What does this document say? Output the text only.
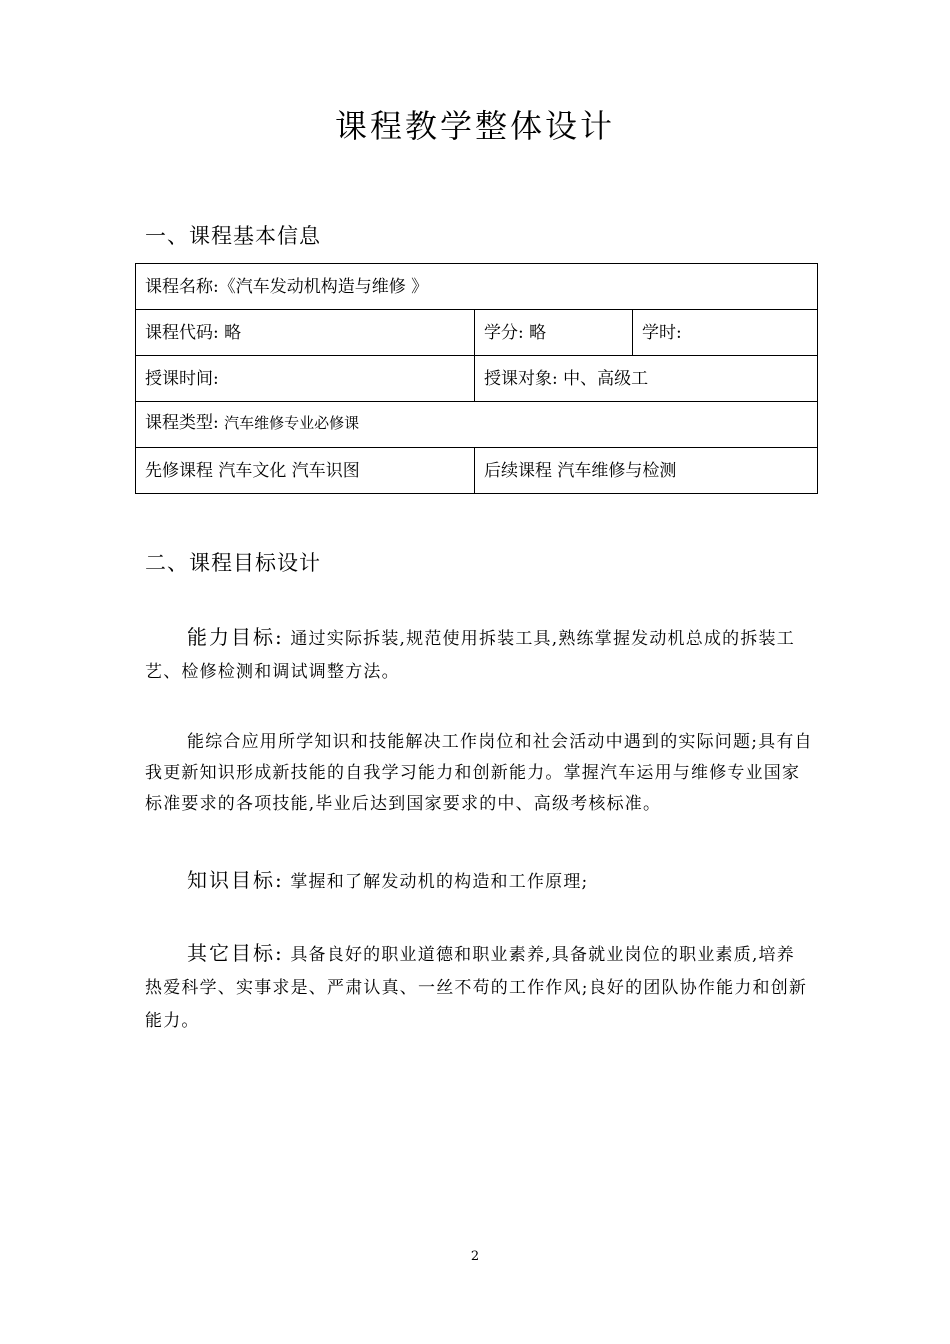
课程教学整体设计
一、课程基本信息
课程名称:《汽车发动机构造与维修 》		
课程代码: 略	学分: 略	学时:
授课时间:	授课对象: 中、高级工	
课程类型: 汽车维修专业必修课		
先修课程 汽车文化 汽车识图	后续课程 汽车维修与检测	
二、课程目标设计

能力目标: 通过实际拆装,规范使用拆装工具,熟练掌握发动机总成的拆装工艺、检修检测和调试调整方法。

能综合应用所学知识和技能解决工作岗位和社会活动中遇到的实际问题;具有自我更新知识形成新技能的自我学习能力和创新能力。掌握汽车运用与维修专业国家标准要求的各项技能,毕业后达到国家要求的中、高级考核标准。

知识目标: 掌握和了解发动机的构造和工作原理;

其它目标: 具备良好的职业道德和职业素养,具备就业岗位的职业素质,培养热爱科学、实事求是、严肃认真、一丝不苟的工作作风;良好的团队协作能力和创新能力。

2
